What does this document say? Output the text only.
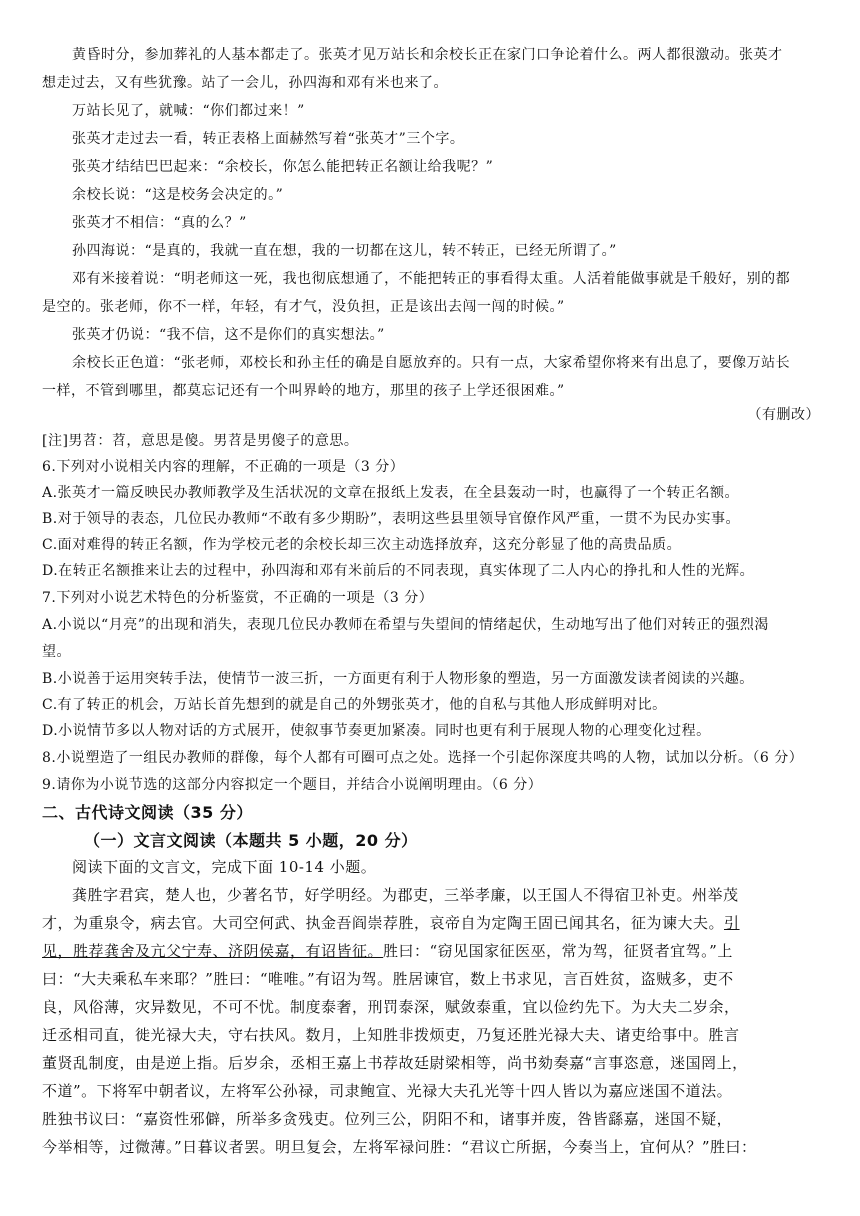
黄昏时分，参加葬礼的人基本都走了。张英才见万站长和余校长正在家门口争论着什么。两人都很激动。张英才
想走过去，又有些犹豫。站了一会儿，孙四海和邓有米也来了。
万站长见了，就喊：“你们都过来！”
张英才走过去一看，转正表格上面赫然写着“张英才”三个字。
张英才结结巴巴起来：“余校长，你怎么能把转正名额让给我呢？”
余校长说：“这是校务会决定的。”
张英才不相信：“真的么？”
孙四海说：“是真的，我就一直在想，我的一切都在这儿，转不转正，已经无所谓了。”
邓有米接着说：“明老师这一死，我也彻底想通了，不能把转正的事看得太重。人活着能做事就是千般好，别的都
是空的。张老师，你不一样，年轻，有才气，没负担，正是该出去闯一闯的时候。”
张英才仍说：“我不信，这不是你们的真实想法。”
余校长正色道：“张老师，邓校长和孙主任的确是自愿放弃的。只有一点，大家希望你将来有出息了，要像万站长
一样，不管到哪里，都莫忘记还有一个叫界岭的地方，那里的孩子上学还很困难。”
（有删改）
[注]男苕：苕，意思是傻。男苕是男傻子的意思。
6.下列对小说相关内容的理解，不正确的一项是（3 分）
A.张英才一篇反映民办教师教学及生活状况的文章在报纸上发表，在全县轰动一时，也赢得了一个转正名额。
B.对于领导的表态，几位民办教师“不敢有多少期盼”，表明这些县里领导官僚作风严重，一贯不为民办实事。
C.面对难得的转正名额，作为学校元老的余校长却三次主动选择放弃，这充分彰显了他的高贵品质。
D.在转正名额推来让去的过程中，孙四海和邓有米前后的不同表现，真实体现了二人内心的挣扎和人性的光辉。
7.下列对小说艺术特色的分析鉴赏，不正确的一项是（3 分）
A.小说以“月亮”的出现和消失，表现几位民办教师在希望与失望间的情绪起伏，生动地写出了他们对转正的强烈渴
望。
B.小说善于运用突转手法，使情节一波三折，一方面更有利于人物形象的塑造，另一方面激发读者阅读的兴趣。
C.有了转正的机会，万站长首先想到的就是自己的外甥张英才，他的自私与其他人形成鲜明对比。
D.小说情节多以人物对话的方式展开，使叙事节奏更加紧凑。同时也更有利于展现人物的心理变化过程。
8.小说塑造了一组民办教师的群像，每个人都有可圈可点之处。选择一个引起你深度共鸣的人物，试加以分析。（6 分）
9.请你为小说节选的这部分内容拟定一个题目，并结合小说阐明理由。（6 分）
二、古代诗文阅读（35 分）
（一）文言文阅读（本题共 5 小题，20 分）
阅读下面的文言文，完成下面 10-14 小题。
龚胜字君宾，楚人也，少著名节，好学明经。为郡吏，三举孝廉，以王国人不得宿卫补吏。州举茂
才，为重泉令，病去官。大司空何武、执金吾阎崇荐胜，哀帝自为定陶王固已闻其名，征为谏大夫。引
见，胜荐龚舍及亢父宁寿、济阴侯嘉，有诏皆征。胜曰：“窃见国家征医巫，常为驾，征贤者宜驾。”上
曰：“大夫乘私车来耶？”胜曰：“唯唯。”有诏为驾。胜居谏官，数上书求见，言百姓贫，盗贼多，吏不
良，风俗薄，灾异数见，不可不忧。制度泰奢，刑罚泰深，赋敛泰重，宜以俭约先下。为大夫二岁余，
迁丞相司直，徙光禄大夫，守右扶风。数月，上知胜非拨烦吏，乃复还胜光禄大夫、诸吏给事中。胜言
董贤乱制度，由是逆上指。后岁余，丞相王嘉上书荐故廷尉梁相等，尚书劾奏嘉“言事恣意，迷国罔上，
不道”。下将军中朝者议，左将军公孙禄，司隶鲍宣、光禄大夫孔光等十四人皆以为嘉应迷国不道法。
胜独书议曰：“嘉资性邪僻，所举多贪残吏。位列三公，阴阳不和，诸事并废，咎皆繇嘉，迷国不疑，
今举相等，过微薄。”日暮议者罢。明旦复会，左将军禄问胜：“君议亡所据，今奏当上，宜何从？”胜曰：
